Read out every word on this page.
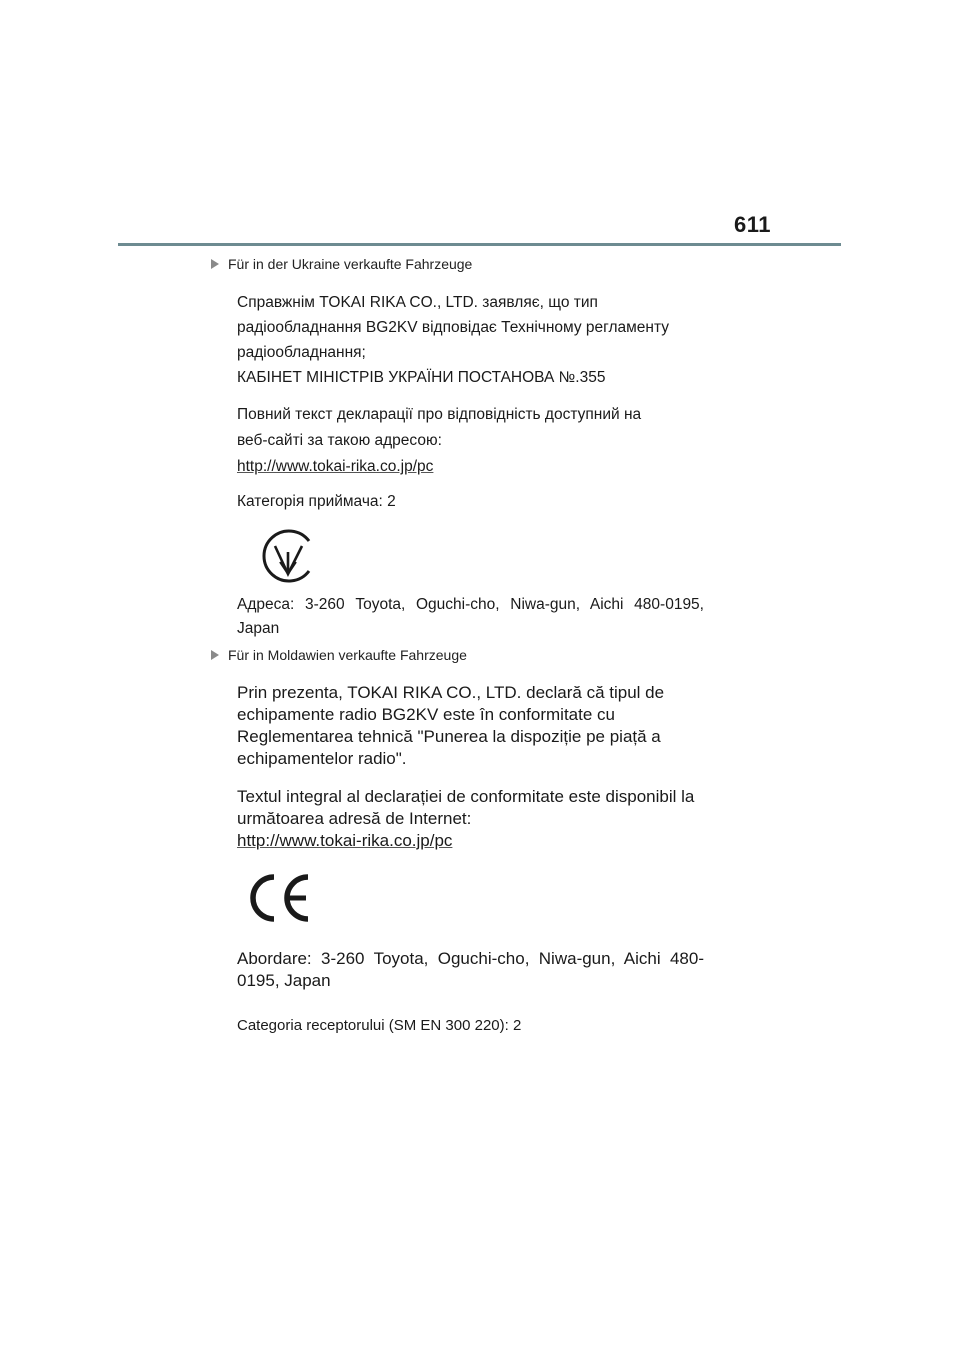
611
Für in der Ukraine verkaufte Fahrzeuge

Справжнім TOKAI RIKA CO., LTD. заявляє, що тип

радіообладнання BG2KV відповідає Технічному регламенту

радіообладнання;

КАБІНЕТ МІНІСТРІВ УКРАЇНИ ПОСТАНОВА №.355

Повний текст декларації про відповідність доступний на

веб-сайті за такою адресою:

http://www.tokai-rika.co.jp/pc

Категорія приймача: 2
Адреса: 3-260 Toyota, Oguchi-cho, Niwa-gun, Aichi 480-0195, Japan
Für in Moldawien verkaufte Fahrzeuge

Prin prezenta, TOKAI RIKA CO., LTD. declară că tipul de

echipamente radio BG2KV este în conformitate cu

Reglementarea tehnică "Punerea la dispoziție pe piață a

echipamentelor radio".

Textul integral al declarației de conformitate este disponibil la

următoarea adresă de Internet:

http://www.tokai-rika.co.jp/pc

Abordare: 3-260 Toyota, Oguchi-cho, Niwa-gun, Aichi 480-0195, Japan
Categoria receptorului (SM EN 300 220): 2
